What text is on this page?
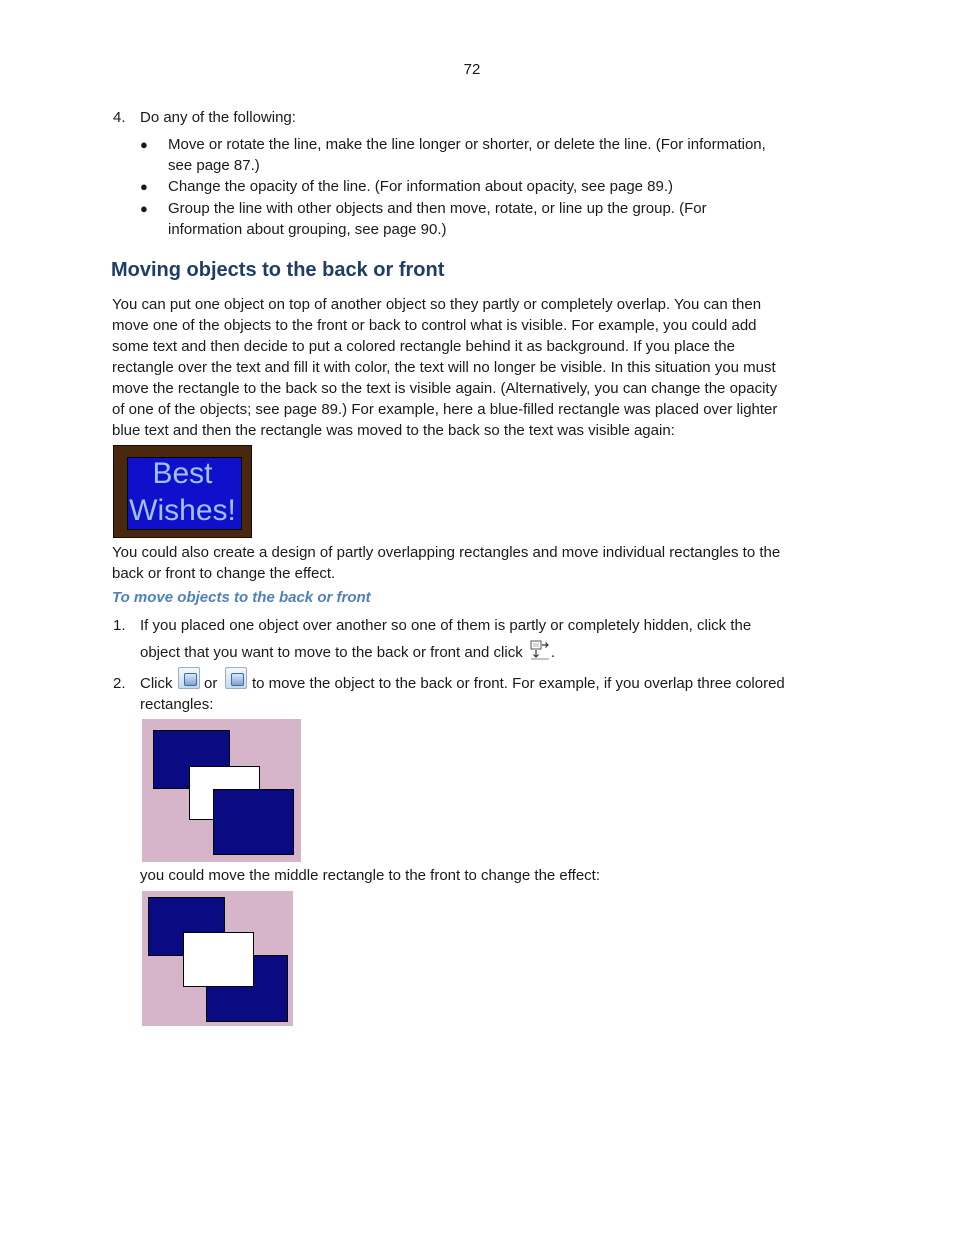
72
4. Do any of the following:
● Move or rotate the line, make the line longer or shorter, or delete the line. (For information,
see page 87.)
● Change the opacity of the line. (For information about opacity, see page 89.)
● Group the line with other objects and then move, rotate, or line up the group. (For
information about grouping, see page 90.)
Moving objects to the back or front
You can put one object on top of another object so they partly or completely overlap. You can then
move one of the objects to the front or back to control what is visible. For example, you could add
some text and then decide to put a colored rectangle behind it as background. If you place the
rectangle over the text and fill it with color, the text will no longer be visible. In this situation you must
move the rectangle to the back so the text is visible again. (Alternatively, you can change the opacity
of one of the objects; see page 89.) For example, here a blue-filled rectangle was placed over lighter
blue text and then the rectangle was moved to the back so the text was visible again:
Best
Wishes!
You could also create a design of partly overlapping rectangles and move individual rectangles to the
back or front to change the effect.
To move objects to the back or front
1. If you placed one object over another so one of them is partly or completely hidden, click the
object that you want to move to the back or front and click .
2. Click or to move the object to the back or front. For example, if you overlap three colored
rectangles:
you could move the middle rectangle to the front to change the effect:
